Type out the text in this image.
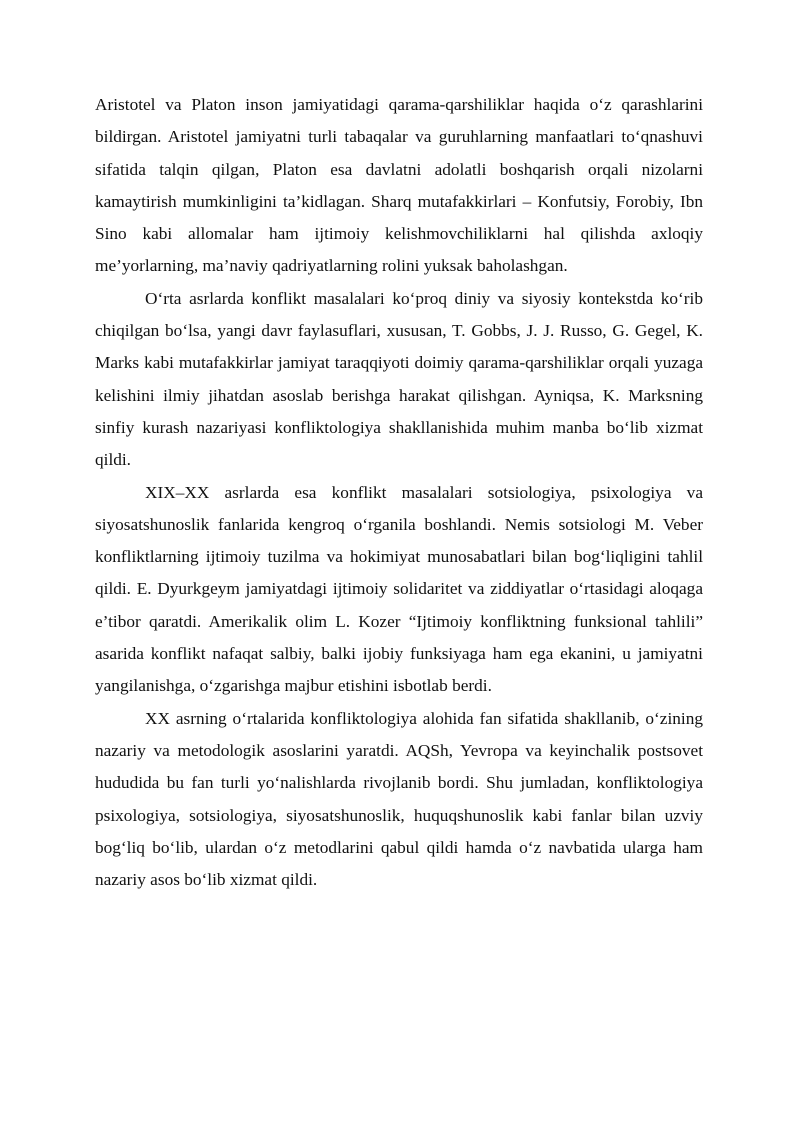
Aristotel va Platon inson jamiyatidagi qarama-qarshiliklar haqida o‘z qarashlarini bildirgan. Aristotel jamiyatni turli tabaqalar va guruhlarning manfaatlari to‘qnashuvi sifatida talqin qilgan, Platon esa davlatni adolatli boshqarish orqali nizolarni kamaytirish mumkinligini ta’kidlagan. Sharq mutafakkirlari – Konfutsiy, Forobiy, Ibn Sino kabi allomalar ham ijtimoiy kelishmovchiliklarni hal qilishda axloqiy me’yorlarning, ma’naviy qadriyatlarning rolini yuksak baholashgan.

O‘rta asrlarda konflikt masalalari ko‘proq diniy va siyosiy kontekstda ko‘rib chiqilgan bo‘lsa, yangi davr faylasuflari, xususan, T. Gobbs, J. J. Russo, G. Gegel, K. Marks kabi mutafakkirlar jamiyat taraqqiyoti doimiy qarama-qarshiliklar orqali yuzaga kelishini ilmiy jihatdan asoslab berishga harakat qilishgan. Ayniqsa, K. Marksning sinfiy kurash nazariyasi konfliktologiya shakllanishida muhim manba bo‘lib xizmat qildi.

XIX–XX asrlarda esa konflikt masalalari sotsiologiya, psixologiya va siyosatshunoslik fanlarida kengroq o‘rganila boshlandi. Nemis sotsiologi M. Veber konfliktlarning ijtimoiy tuzilma va hokimiyat munosabatlari bilan bog‘liqligini tahlil qildi. E. Dyurkgeym jamiyatdagi ijtimoiy solidaritet va ziddiyatlar o‘rtasidagi aloqaga e’tibor qaratdi. Amerikalik olim L. Kozer “Ijtimoiy konfliktning funksional tahlili” asarida konflikt nafaqat salbiy, balki ijobiy funksiyaga ham ega ekanini, u jamiyatni yangilanishga, o‘zgarishga majbur etishini isbotlab berdi.

XX asrning o‘rtalarida konfliktologiya alohida fan sifatida shakllanib, o‘zining nazariy va metodologik asoslarini yaratdi. AQSh, Yevropa va keyinchalik postsovet hududida bu fan turli yo‘nalishlarda rivojlanib bordi. Shu jumladan, konfliktologiya psixologiya, sotsiologiya, siyosatshunoslik, huquqshunoslik kabi fanlar bilan uzviy bog‘liq bo‘lib, ulardan o‘z metodlarini qabul qildi hamda o‘z navbatida ularga ham nazariy asos bo‘lib xizmat qildi.
